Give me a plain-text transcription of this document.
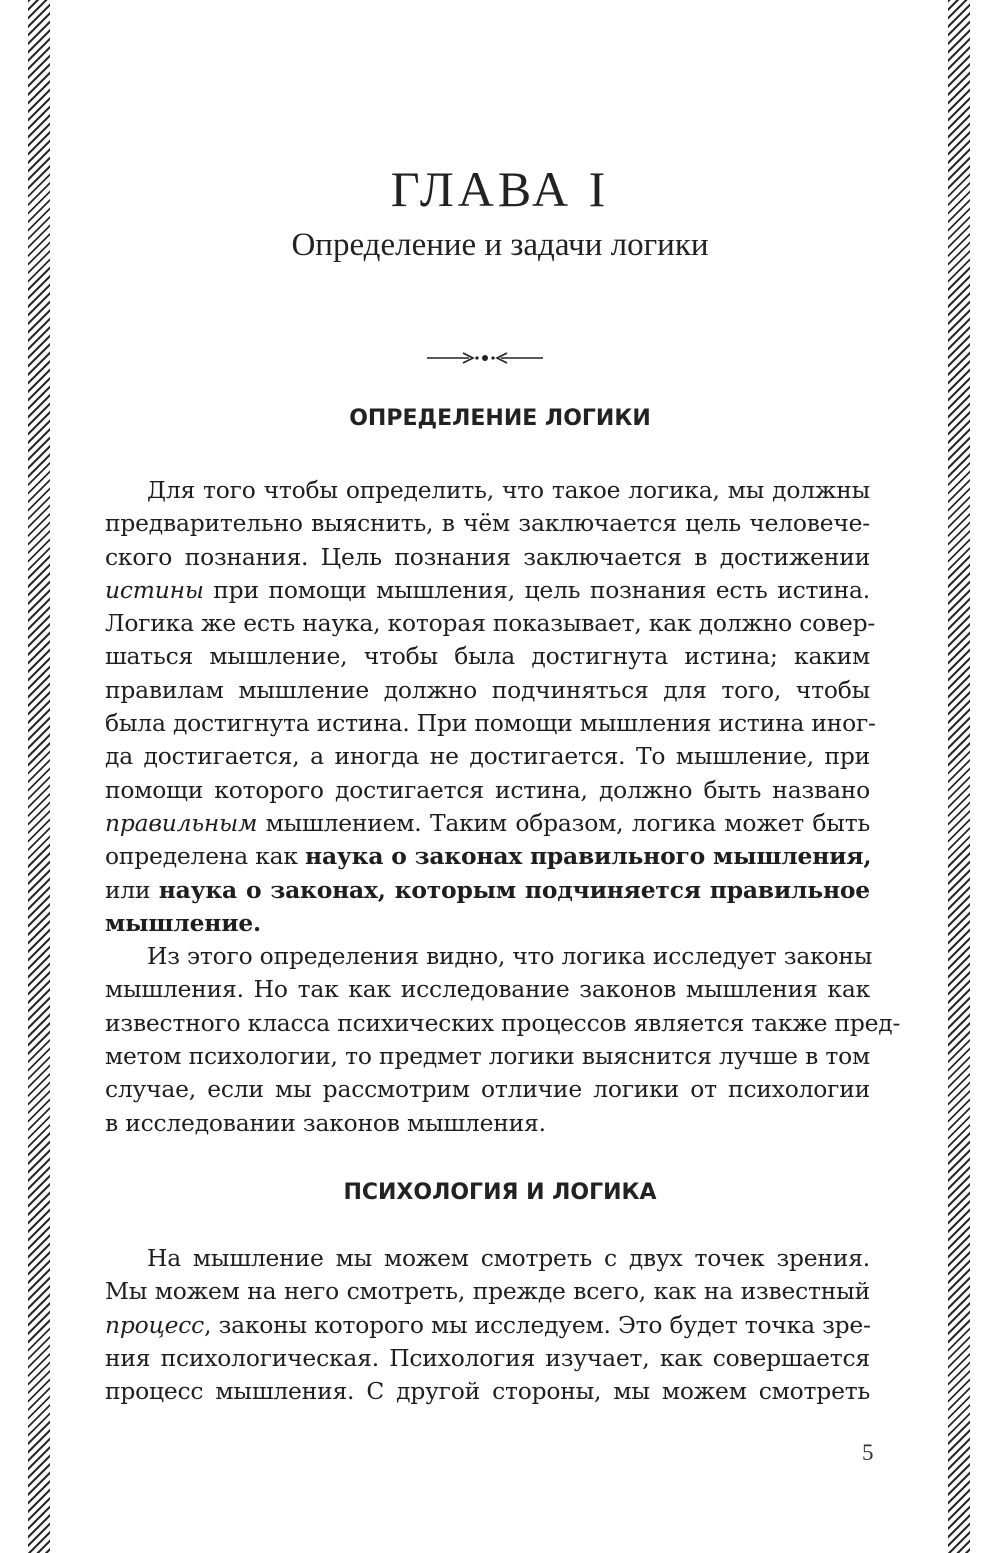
ГЛАВА I
Определение и задачи логики
ОПРЕДЕЛЕНИЕ ЛОГИКИ
Для того чтобы определить, что такое логика, мы должны
предварительно выяснить, в чём заключается цель человече-
ского познания. Цель познания заключается в достижении
истины при помощи мышления, цель познания есть истина.
Логика же есть наука, которая показывает, как должно совер-
шаться мышление, чтобы была достигнута истина; каким
правилам мышление должно подчиняться для того, чтобы
была достигнута истина. При помощи мышления истина иног-
да достигается, а иногда не достигается. То мышление, при
помощи которого достигается истина, должно быть названо
правильным мышлением. Таким образом, логика может быть
определена как наука о законах правильного мышления,
или наука о законах, которым подчиняется правильное
мышление.
Из этого определения видно, что логика исследует законы
мышления. Но так как исследование законов мышления как
известного класса психических процессов является также пред-
метом психологии, то предмет логики выяснится лучше в том
случае, если мы рассмотрим отличие логики от психологии
в исследовании законов мышления.
ПСИХОЛОГИЯ И ЛОГИКА
На мышление мы можем смотреть с двух точек зрения.
Мы можем на него смотреть, прежде всего, как на известный
процесс, законы которого мы исследуем. Это будет точка зре-
ния психологическая. Психология изучает, как совершается
процесс мышления. С другой стороны, мы можем смотреть
5
